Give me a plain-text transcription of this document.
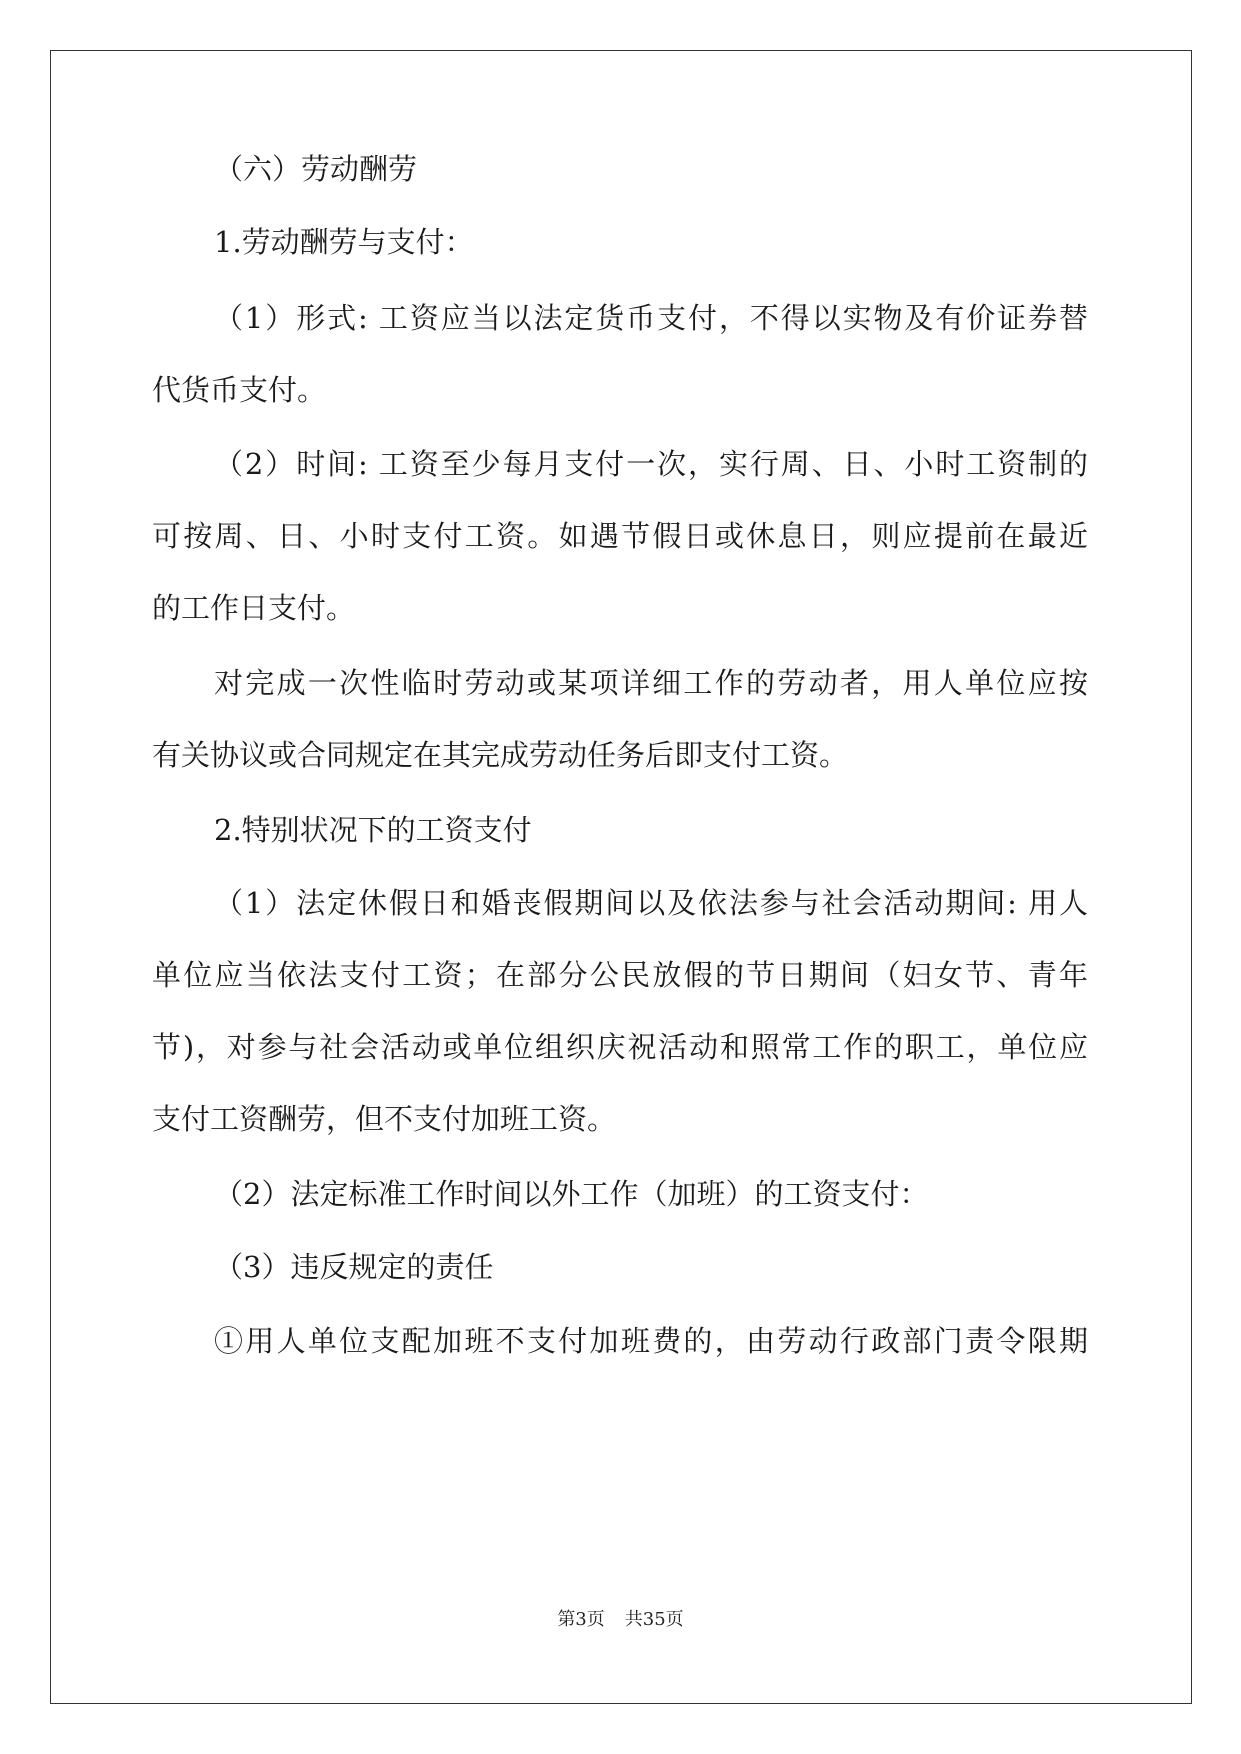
（六）劳动酬劳
1.劳动酬劳与支付：
（1）形式: 工资应当以法定货币支付，不得以实物及有价证券替
代货币支付。
（2）时间: 工资至少每月支付一次，实行周、日、小时工资制的
可按周、日、小时支付工资。如遇节假日或休息日，则应提前在最近
的工作日支付。
对完成一次性临时劳动或某项详细工作的劳动者，用人单位应按
有关协议或合同规定在其完成劳动任务后即支付工资。
2.特别状况下的工资支付
（1）法定休假日和婚丧假期间以及依法参与社会活动期间: 用人
单位应当依法支付工资；在部分公民放假的节日期间（妇女节、青年
节)，对参与社会活动或单位组织庆祝活动和照常工作的职工，单位应
支付工资酬劳，但不支付加班工资。
（2）法定标准工作时间以外工作（加班）的工资支付：
（3）违反规定的责任
①用人单位支配加班不支付加班费的，由劳动行政部门责令限期
第3页 共35页
